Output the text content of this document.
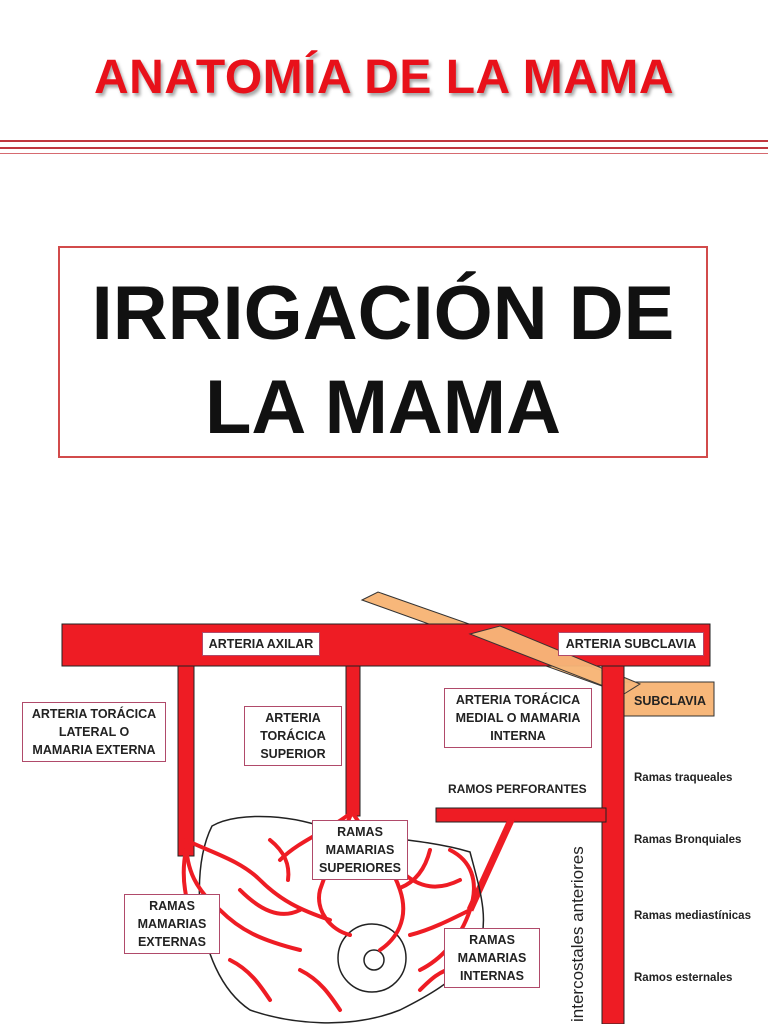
ANATOMÍA DE LA MAMA
IRRIGACIÓN DE
LA MAMA
ARTERIA AXILAR	ARTERIA SUBCLAVIA
SUBCLAVIA
ARTERIA TORÁCICA
LATERAL O
MAMARIA EXTERNA
ARTERIA
TORÁCICA
SUPERIOR
ARTERIA TORÁCICA
MEDIAL O MAMARIA
INTERNA
RAMOS PERFORANTES
RAMAS
MAMARIAS
SUPERIORES
RAMAS
MAMARIAS
EXTERNAS	RAMAS
MAMARIAS
INTERNAS
Ramas traqueales
Ramas Bronquiales
Ramas mediastínicas
Ramos esternales
intercostales anteriores
